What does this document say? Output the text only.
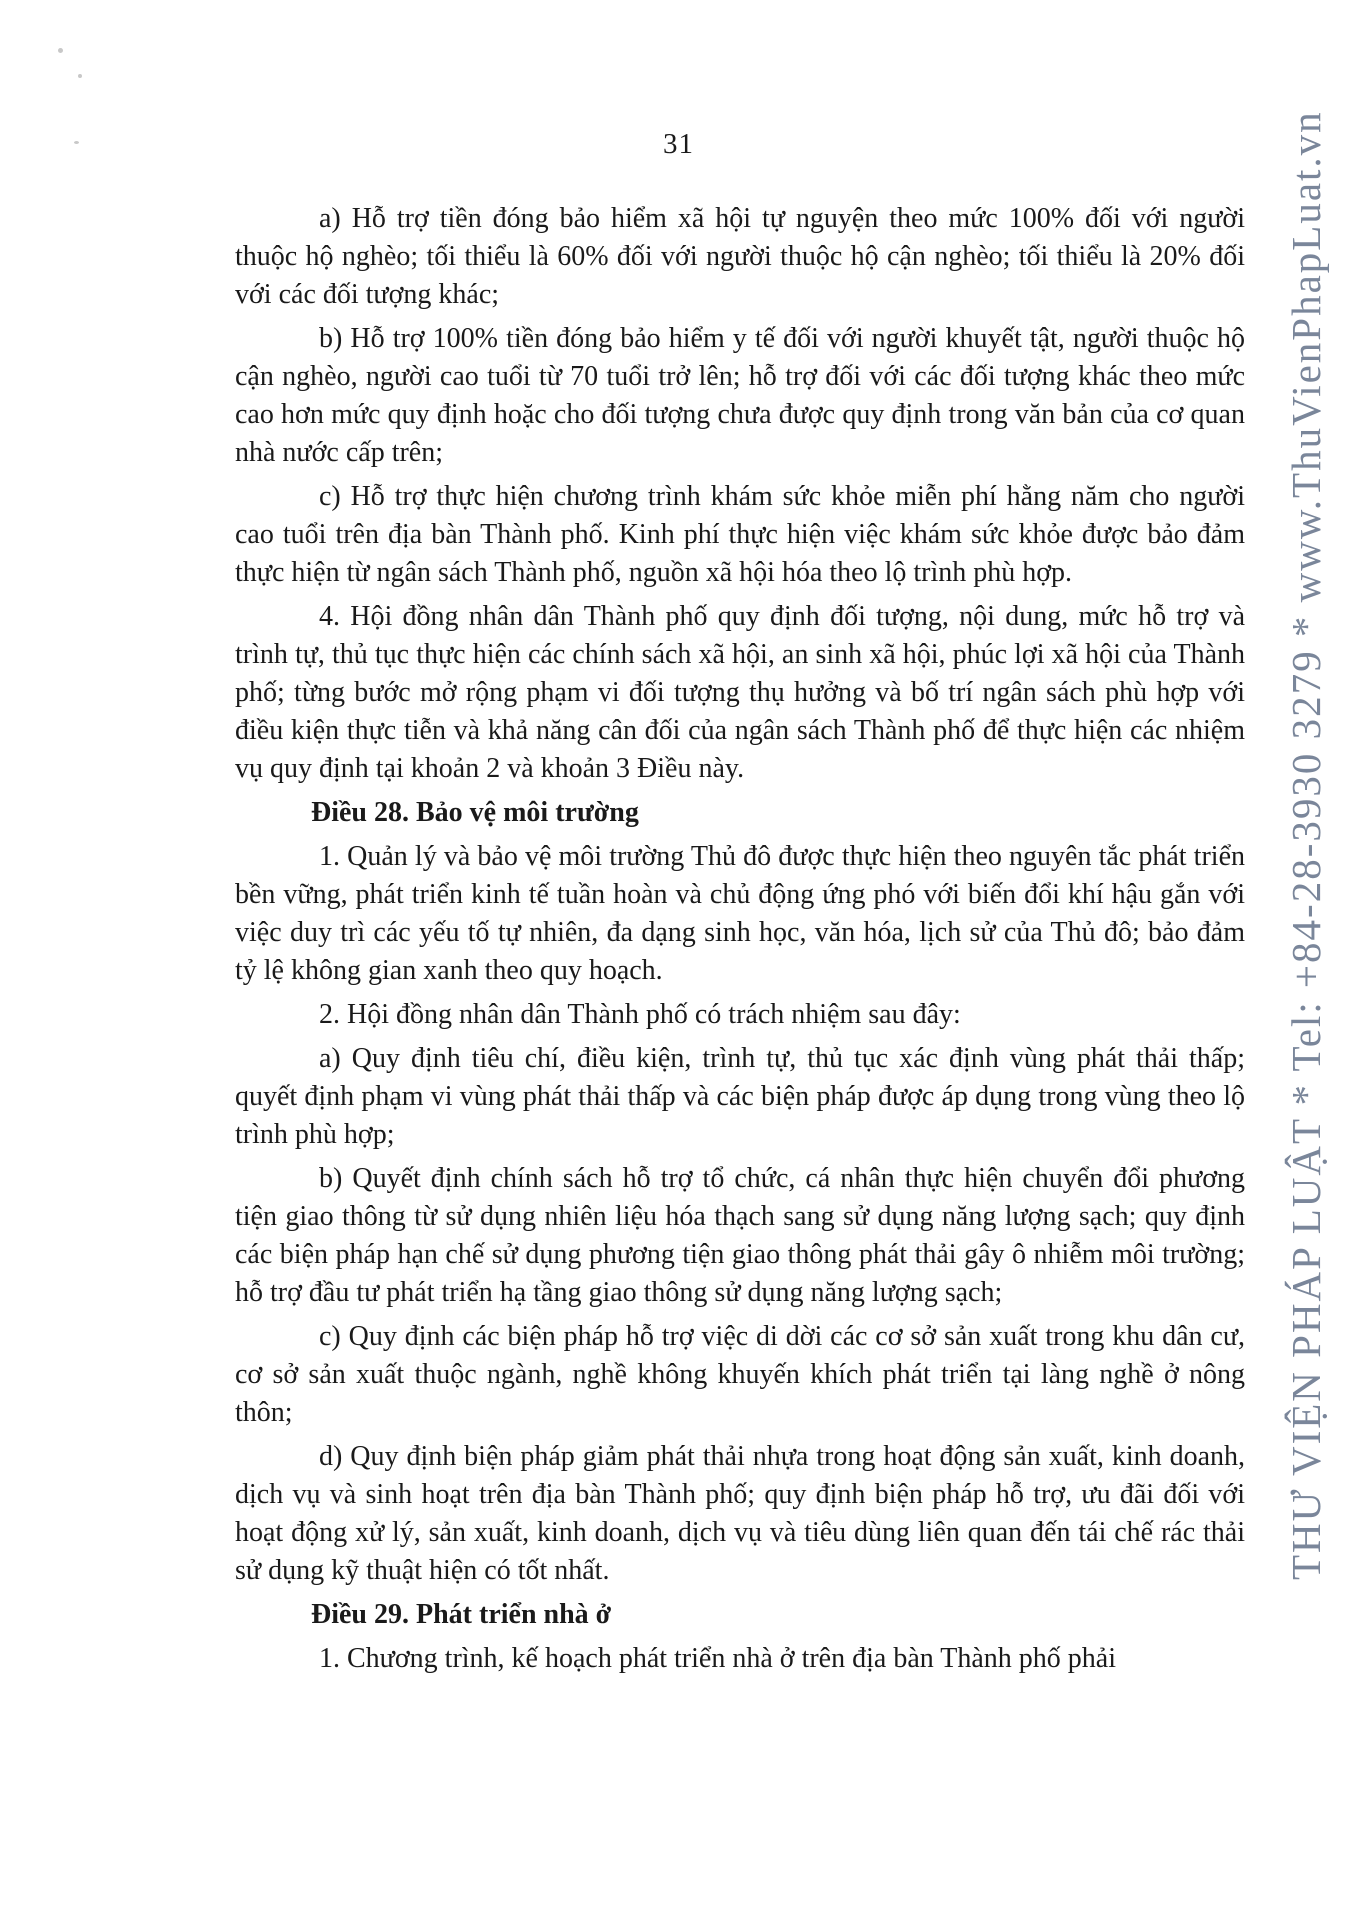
31

a) Hỗ trợ tiền đóng bảo hiểm xã hội tự nguyện theo mức 100% đối với người thuộc hộ nghèo; tối thiểu là 60% đối với người thuộc hộ cận nghèo; tối thiểu là 20% đối với các đối tượng khác;

b) Hỗ trợ 100% tiền đóng bảo hiểm y tế đối với người khuyết tật, người thuộc hộ cận nghèo, người cao tuổi từ 70 tuổi trở lên; hỗ trợ đối với các đối tượng khác theo mức cao hơn mức quy định hoặc cho đối tượng chưa được quy định trong văn bản của cơ quan nhà nước cấp trên;

c) Hỗ trợ thực hiện chương trình khám sức khỏe miễn phí hằng năm cho người cao tuổi trên địa bàn Thành phố. Kinh phí thực hiện việc khám sức khỏe được bảo đảm thực hiện từ ngân sách Thành phố, nguồn xã hội hóa theo lộ trình phù hợp.

4. Hội đồng nhân dân Thành phố quy định đối tượng, nội dung, mức hỗ trợ và trình tự, thủ tục thực hiện các chính sách xã hội, an sinh xã hội, phúc lợi xã hội của Thành phố; từng bước mở rộng phạm vi đối tượng thụ hưởng và bố trí ngân sách phù hợp với điều kiện thực tiễn và khả năng cân đối của ngân sách Thành phố để thực hiện các nhiệm vụ quy định tại khoản 2 và khoản 3 Điều này.

Điều 28. Bảo vệ môi trường

1. Quản lý và bảo vệ môi trường Thủ đô được thực hiện theo nguyên tắc phát triển bền vững, phát triển kinh tế tuần hoàn và chủ động ứng phó với biến đổi khí hậu gắn với việc duy trì các yếu tố tự nhiên, đa dạng sinh học, văn hóa, lịch sử của Thủ đô; bảo đảm tỷ lệ không gian xanh theo quy hoạch.

2. Hội đồng nhân dân Thành phố có trách nhiệm sau đây:

a) Quy định tiêu chí, điều kiện, trình tự, thủ tục xác định vùng phát thải thấp; quyết định phạm vi vùng phát thải thấp và các biện pháp được áp dụng trong vùng theo lộ trình phù hợp;

b) Quyết định chính sách hỗ trợ tổ chức, cá nhân thực hiện chuyển đổi phương tiện giao thông từ sử dụng nhiên liệu hóa thạch sang sử dụng năng lượng sạch; quy định các biện pháp hạn chế sử dụng phương tiện giao thông phát thải gây ô nhiễm môi trường; hỗ trợ đầu tư phát triển hạ tầng giao thông sử dụng năng lượng sạch;

c) Quy định các biện pháp hỗ trợ việc di dời các cơ sở sản xuất trong khu dân cư, cơ sở sản xuất thuộc ngành, nghề không khuyến khích phát triển tại làng nghề ở nông thôn;

d) Quy định biện pháp giảm phát thải nhựa trong hoạt động sản xuất, kinh doanh, dịch vụ và sinh hoạt trên địa bàn Thành phố; quy định biện pháp hỗ trợ, ưu đãi đối với hoạt động xử lý, sản xuất, kinh doanh, dịch vụ và tiêu dùng liên quan đến tái chế rác thải sử dụng kỹ thuật hiện có tốt nhất.

Điều 29. Phát triển nhà ở

1. Chương trình, kế hoạch phát triển nhà ở trên địa bàn Thành phố phải

THƯ VIỆN PHÁP LUẬT * Tel: +84-28-3930 3279 * www.ThuVienPhapLuat.vn
